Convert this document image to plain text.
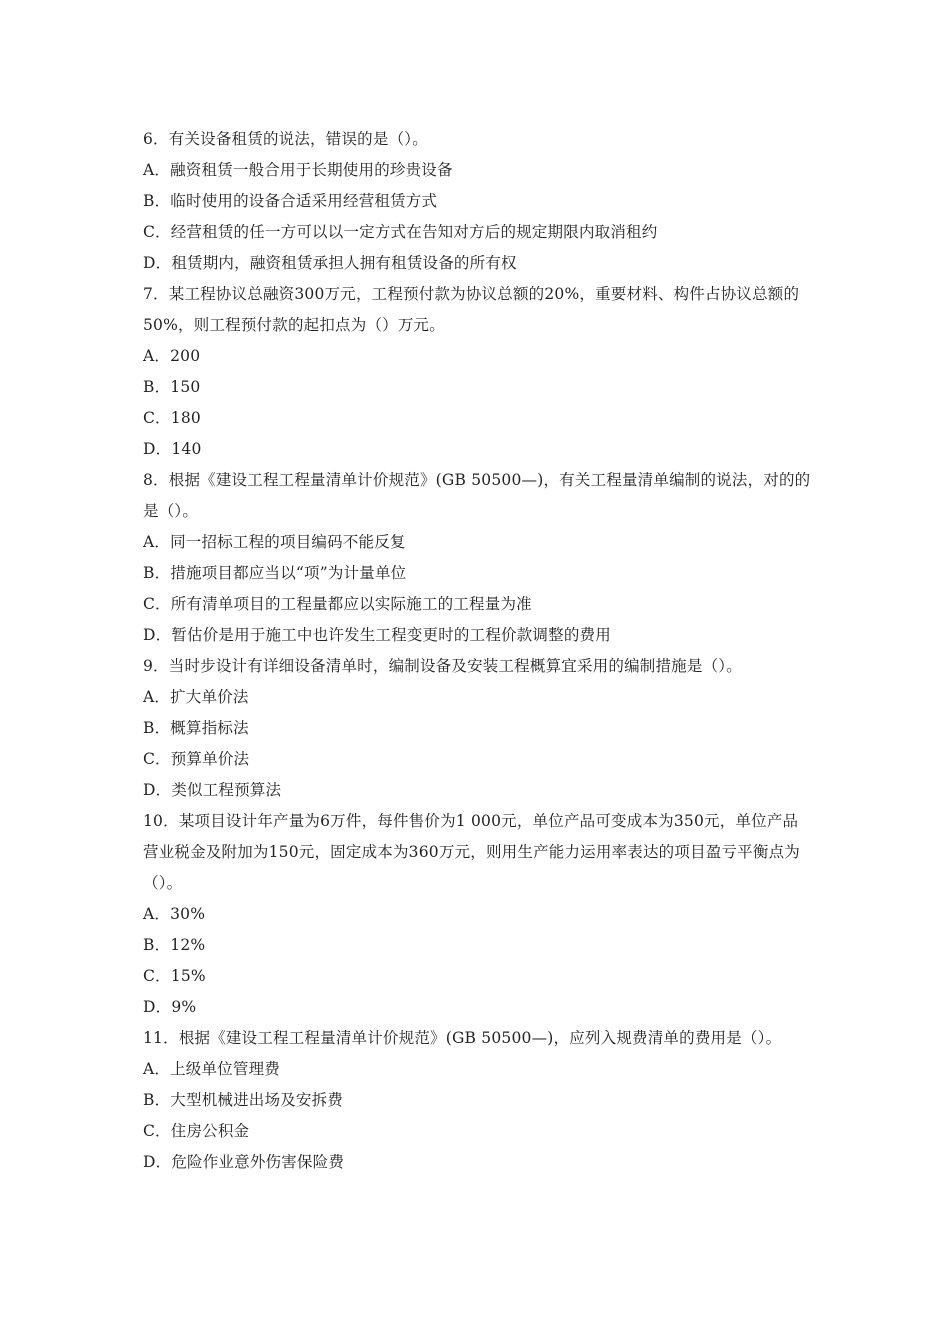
6．有关设备租赁的说法，错误的是（）。
A．融资租赁一般合用于长期使用的珍贵设备
B．临时使用的设备合适采用经营租赁方式
C．经营租赁的任一方可以以一定方式在告知对方后的规定期限内取消租约
D．租赁期内，融资租赁承担人拥有租赁设备的所有权
7．某工程协议总融资300万元，工程预付款为协议总额的20%，重要材料、构件占协议总额的50%，则工程预付款的起扣点为（）万元。
A．200
B．150
C．180
D．140
8．根据《建设工程工程量清单计价规范》(GB 50500—)，有关工程量清单编制的说法，对的的是（）。
A．同一招标工程的项目编码不能反复
B．措施项目都应当以“项”为计量单位
C．所有清单项目的工程量都应以实际施工的工程量为准
D．暂估价是用于施工中也许发生工程变更时的工程价款调整的费用
9．当时步设计有详细设备清单时，编制设备及安装工程概算宜采用的编制措施是（）。
A．扩大单价法
B．概算指标法
C．预算单价法
D．类似工程预算法
10．某项目设计年产量为6万件，每件售价为1 000元，单位产品可变成本为350元，单位产品营业税金及附加为150元，固定成本为360万元，则用生产能力运用率表达的项目盈亏平衡点为（）。
A．30%
B．12%
C．15%
D．9%
11．根据《建设工程工程量清单计价规范》(GB 50500—)，应列入规费清单的费用是（）。
A．上级单位管理费
B．大型机械进出场及安拆费
C．住房公积金
D．危险作业意外伤害保险费
